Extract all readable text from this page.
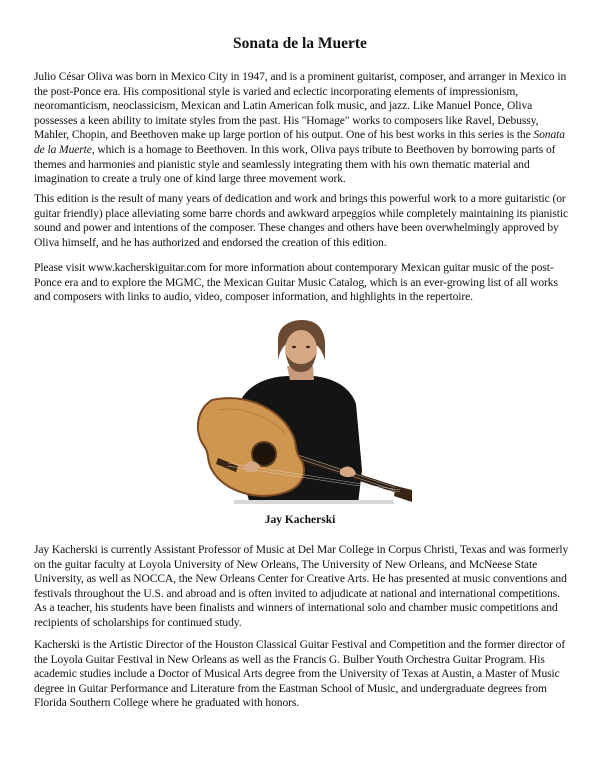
Sonata de la Muerte
Julio César Oliva was born in Mexico City in 1947, and is a prominent guitarist, composer, and arranger in Mexico in the post-Ponce era. His compositional style is varied and eclectic incorporating elements of impressionism, neoromanticism, neoclassicism, Mexican and Latin American folk music, and jazz. Like Manuel Ponce, Oliva possesses a keen ability to imitate styles from the past. His "Homage" works to composers like Ravel, Debussy, Mahler, Chopin, and Beethoven make up large portion of his output. One of his best works in this series is the Sonata de la Muerte, which is a homage to Beethoven. In this work, Oliva pays tribute to Beethoven by borrowing parts of themes and harmonies and pianistic style and seamlessly integrating them with his own thematic material and imagination to create a truly one of kind large three movement work.
This edition is the result of many years of dedication and work and brings this powerful work to a more guitaristic (or guitar friendly) place alleviating some barre chords and awkward arpeggios while completely maintaining its pianistic sound and power and intentions of the composer. These changes and others have been overwhelmingly approved by Oliva himself, and he has authorized and endorsed the creation of this edition.
Please visit www.kacherskiguitar.com for more information about contemporary Mexican guitar music of the post-Ponce era and to explore the MGMC, the Mexican Guitar Music Catalog, which is an ever-growing list of all works and composers with links to audio, video, composer information, and highlights in the repertoire.

Jay Kacherski

Jay Kacherski is currently Assistant Professor of Music at Del Mar College in Corpus Christi, Texas and was formerly on the guitar faculty at Loyola University of New Orleans, The University of New Orleans, and McNeese State University, as well as NOCCA, the New Orleans Center for Creative Arts. He has presented at music conventions and festivals throughout the U.S. and abroad and is often invited to adjudicate at national and international competitions. As a teacher, his students have been finalists and winners of international solo and chamber music competitions and recipients of scholarships for continued study.
Kacherski is the Artistic Director of the Houston Classical Guitar Festival and Competition and the former director of the Loyola Guitar Festival in New Orleans as well as the Francis G. Bulber Youth Orchestra Guitar Program. His academic studies include a Doctor of Musical Arts degree from the University of Texas at Austin, a Master of Music degree in Guitar Performance and Literature from the Eastman School of Music, and undergraduate degrees from Florida Southern College where he graduated with honors.
